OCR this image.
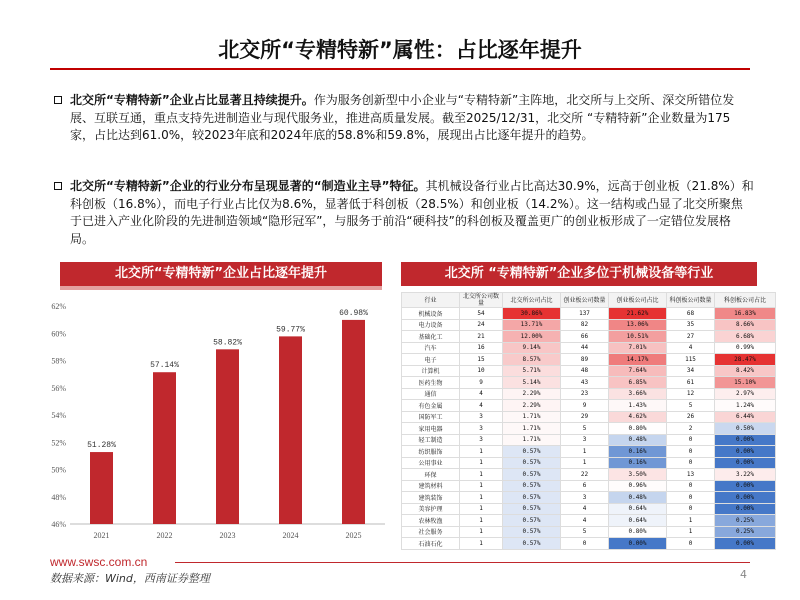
北交所“专精特新”属性：占比逐年提升
北交所“专精特新”企业占比显著且持续提升。作为服务创新型中小企业与“专精特新”主阵地，北交所与上交所、深交所错位发展、互联互通，重点支持先进制造业与现代服务业，推进高质量发展。截至2025/12/31，北交所 “专精特新”企业数量为175家，占比达到61.0%，较2023年底和2024年底的58.8%和59.8%，展现出占比逐年提升的趋势。
北交所“专精特新”企业的行业分布呈现显著的“制造业主导”特征。其机械设备行业占比高达30.9%，远高于创业板（21.8%）和科创板（16.8%），而电子行业占比仅为8.6%，显著低于科创板（28.5%）和创业板（14.2%）。这一结构或凸显了北交所聚焦于已进入产业化阶段的先进制造领域“隐形冠军”，与服务于前沿“硬科技”的科创板及覆盖更广的创业板形成了一定错位发展格局。
北交所“专精特新”企业占比逐年提升	北交所 “专精特新”企业多位于机械设备等行业
46%
48%
50%
52%
54%
56%
58%
60%
62%
51.28%
2021
57.14%
2022
58.82%
2023
59.77%
2024
60.98%
2025
行业	北交所公司数量	北交所公司占比	创业板公司数量	创业板公司占比	科创板公司数量	科创板公司占比
机械设备	54	30.86%	137	21.62%	68	16.83%
电力设备	24	13.71%	82	13.06%	35	8.66%
基础化工	21	12.00%	66	10.51%	27	6.68%
汽车	16	9.14%	44	7.01%	4	0.99%
电子	15	8.57%	89	14.17%	115	28.47%
计算机	10	5.71%	48	7.64%	34	8.42%
医药生物	9	5.14%	43	6.85%	61	15.10%
通信	4	2.29%	23	3.66%	12	2.97%
有色金属	4	2.29%	9	1.43%	5	1.24%
国防军工	3	1.71%	29	4.62%	26	6.44%
家用电器	3	1.71%	5	0.80%	2	0.50%
轻工制造	3	1.71%	3	0.48%	0	0.00%
纺织服饰	1	0.57%	1	0.16%	0	0.00%
公用事业	1	0.57%	1	0.16%	0	0.00%
环保	1	0.57%	22	3.50%	13	3.22%
建筑材料	1	0.57%	6	0.96%	0	0.00%
建筑装饰	1	0.57%	3	0.48%	0	0.00%
美容护理	1	0.57%	4	0.64%	0	0.00%
农林牧渔	1	0.57%	4	0.64%	1	0.25%
社会服务	1	0.57%	5	0.80%	1	0.25%
石油石化	1	0.57%	0	0.00%	0	0.00%
www.swsc.com.cn
数据来源：Wind，西南证券整理	4
